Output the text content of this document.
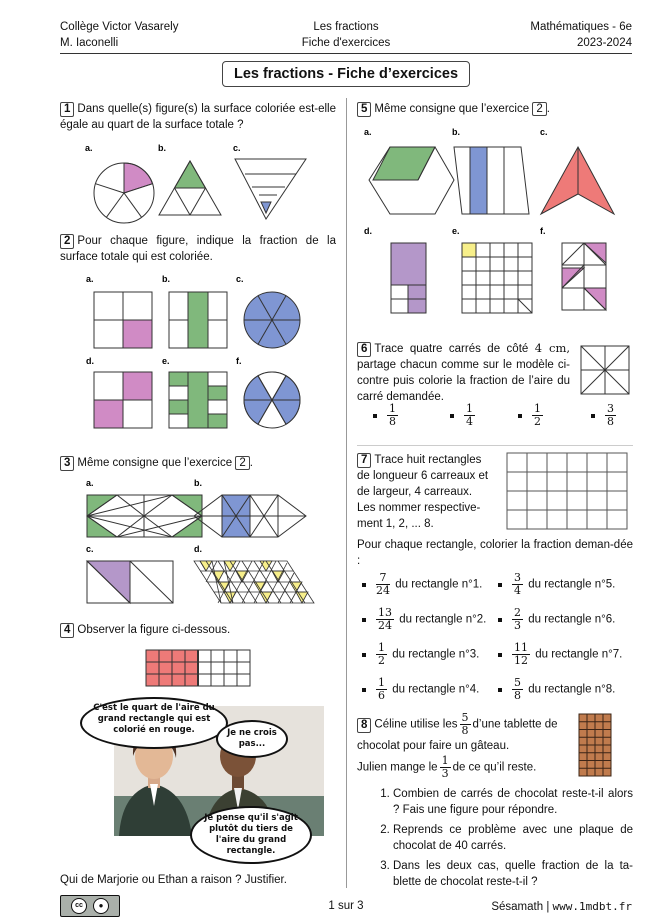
Collège Victor Vasarely
M. Iaconelli
Les fractions
Fiche d'exercices
Mathématiques - 6e
2023-2024
Les fractions - Fiche d’exercices
1 Dans quelle(s) figure(s) la surface coloriée est-elle égale au quart de la surface totale ?
a.	b.	c.
2 Pour chaque figure, indique la fraction de la surface totale qui est coloriée.
a.	b.	c.
d.	e.	f.
3 Même consigne que l’exercice 2 .
a.	b.
c.	d.
4 Observer la figure ci-dessous.
C'est le quart de l'aire du grand rectangle qui est colorié en rouge.	Je ne crois pas...
Je pense qu'il s'agit plutôt du tiers de l'aire du grand rectangle.
Qui de Marjorie ou Ethan a raison ? Justifier.
5 Même consigne que l’exercice 2 .
a.	b.	c.
d.	e.	f.
6 Trace quatre carrés de côté 4 cm, partage chacun comme sur le modèle ci-contre puis colorie la fraction de l’aire du carré demandée.
$\frac{1}{8}$	$\frac{1}{4}$	$\frac{1}{2}$	$\frac{3}{8}$
7 Trace huit rectangles de longueur 6 carreaux et de largeur, 4 carreaux. Les nommer respective-ment 1, 2, ... 8.
Pour chaque rectangle, colorier la fraction deman-dée :
$\frac{7}{24}$ du rectangle n°1.	$\frac{3}{4}$ du rectangle n°5.
$\frac{13}{24}$ du rectangle n°2. $\frac{2}{3}$ du rectangle n°6.
$\frac{1}{2}$ du rectangle n°3.	$\frac{11}{12}$ du rectangle n°7.
$\frac{1}{6}$ du rectangle n°4.	$\frac{5}{8}$ du rectangle n°8.
8 Céline utilise les $\frac{5}{8}$ d’une tablette de chocolat pour faire un gâteau.
Julien mange le $\frac{1}{3}$ de ce qu’il reste.
1. Combien de carrés de chocolat reste-t-il alors ? Fais une figure pour répondre.
2. Reprends ce problème avec une plaque de chocolat de 40 carrés.
3. Dans les deux cas, quelle fraction de la ta-blette de chocolat reste-t-il ?
cc	●	1 sur 3	Sésamath | www.1mdbt.fr
